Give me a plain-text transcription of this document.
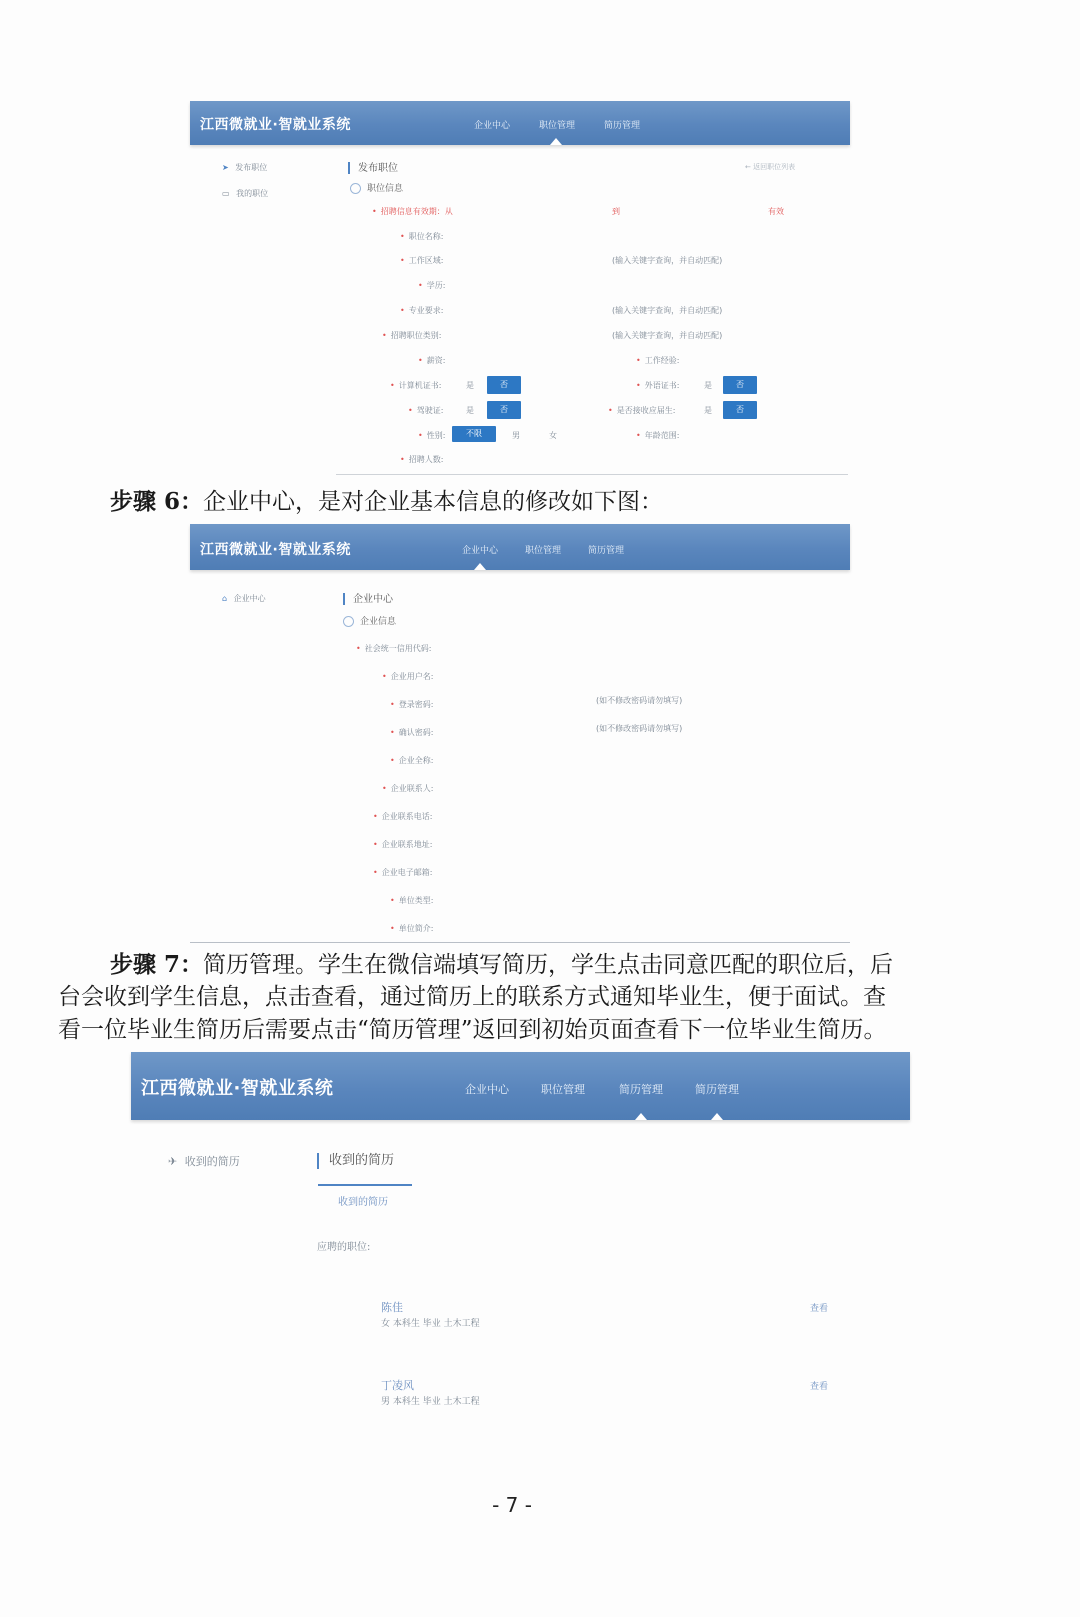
江西微就业·智就业系统	企业中心	职位管理	简历管理
➤ 发布职位
▭ 我的职位
发布职位	← 返回职位列表
职位信息
• 招聘信息有效期：从	到	有效
• 职位名称:
• 工作区域:	(输入关键字查询，并自动匹配)
• 学历:
• 专业要求:	(输入关键字查询，并自动匹配)
• 招聘职位类别:	(输入关键字查询，并自动匹配)
• 薪资:	• 工作经验:
• 计算机证书:	是	否	• 外语证书:	是	否
• 驾驶证:	是	否	• 是否接收应届生:	是	否
• 性别:	不限	男	女	• 年龄范围:
• 招聘人数:
步骤 6：企业中心，是对企业基本信息的修改如下图：
江西微就业·智就业系统	企业中心	职位管理	简历管理
⌂ 企业中心	企业中心
企业信息
• 社会统一信用代码:
• 企业用户名:
• 登录密码:	(如不修改密码请勿填写)
• 确认密码:	(如不修改密码请勿填写)
• 企业全称:
• 企业联系人:
• 企业联系电话:
• 企业联系地址:
• 企业电子邮箱:
• 单位类型:
• 单位简介:
步骤 7：简历管理。学生在微信端填写简历，学生点击同意匹配的职位后，后
台会收到学生信息，点击查看，通过简历上的联系方式通知毕业生，便于面试。查
看一位毕业生简历后需要点击“简历管理”返回到初始页面查看下一位毕业生简历。
江西微就业·智就业系统	企业中心	职位管理	简历管理	简历管理
✈ 收到的简历	收到的简历
收到的简历
应聘的职位:
陈佳
女 本科生 毕业 土木工程
查看
丁凌风
男 本科生 毕业 土木工程
查看
- 7 -
